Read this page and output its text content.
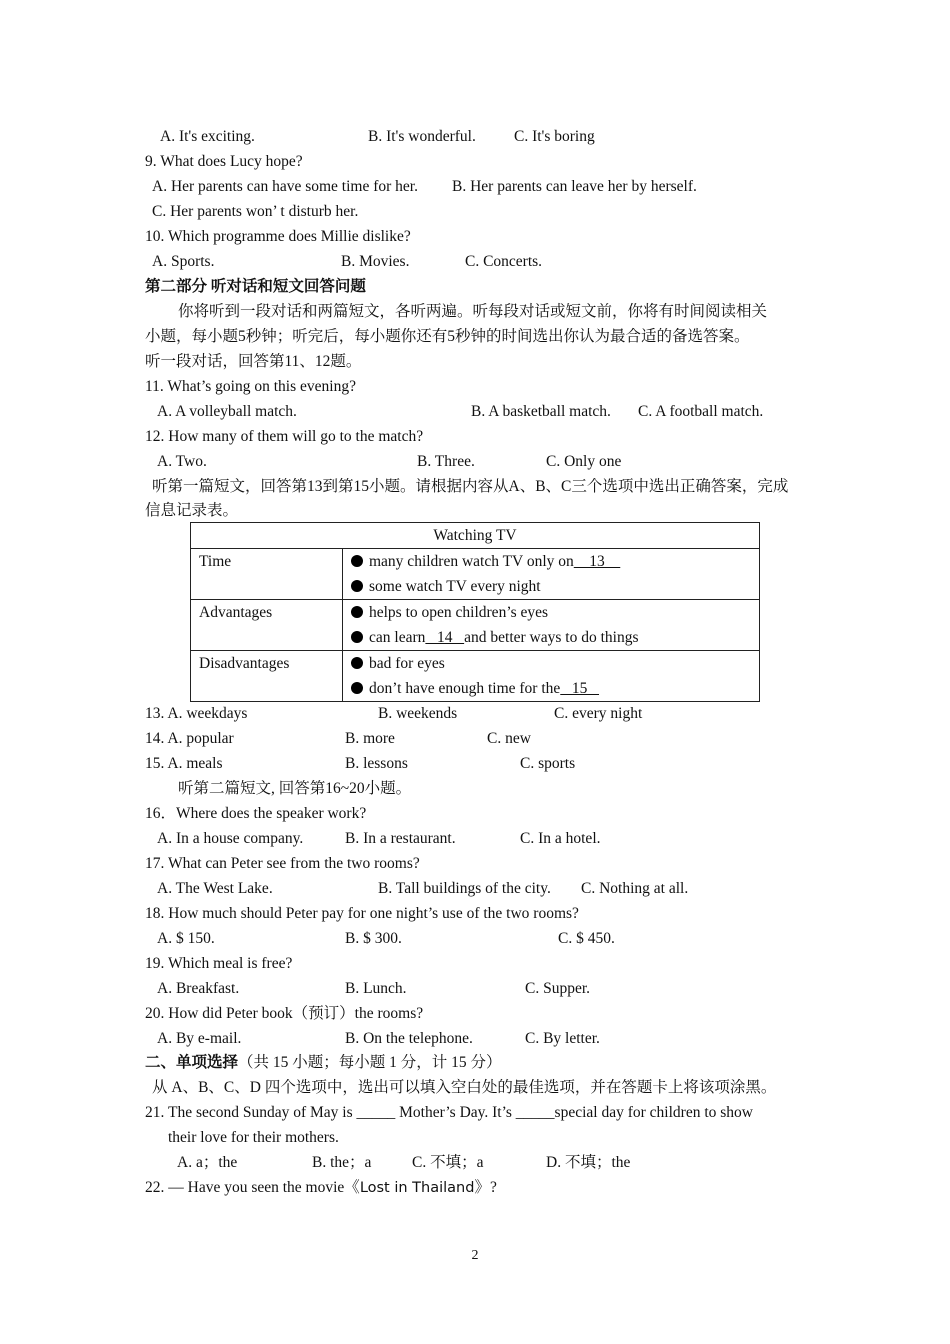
A. It's exciting.	B. It's wonderful. C. It's boring
9. What does Lucy hope?
A. Her parents can have some time for her. B. Her parents can leave her by herself.
C. Her parents won’ t disturb her.
10. Which programme does Millie dislike?
A. Sports.	B. Movies.	C. Concerts.
第二部分 听对话和短文回答问题
你将听到一段对话和两篇短文，各听两遍。听每段对话或短文前，你将有时间阅读相关
小题，每小题5秒钟；听完后，每小题你还有5秒钟的时间选出你认为最合适的备选答案。
听一段对话，回答第11、12题。
11. What’s going on this evening?
A. A volleyball match.	B. A basketball match. C. A football match.
12. How many of them will go to the match?
A. Two.	B. Three.	C. Only one
听第一篇短文，回答第13到第15小题。请根据内容从A、B、C三个选项中选出正确答案，完成
信息记录表。
Watching TV	
Time	many children watch TV only on    13
some watch TV every night

Advantages	helps to open children’s eyes
can learn   14   and better ways to do things

Disadvantages	bad for eyes
don’t have enough time for the   15
13. A. weekdays	B. weekends	C. every night
14. A. popular	B. more	C. new
15. A. meals	B. lessons	C. sports
听第二篇短文, 回答第16~20小题。
16．Where does the speaker work?
A. In a house company.	B. In a restaurant.	C. In a hotel.
17. What can Peter see from the two rooms?
A. The West Lake.	B. Tall buildings of the city. C. Nothing at all.
18. How much should Peter pay for one night’s use of the two rooms?
A. $ 150.	B. $ 300.	C. $ 450.
19. Which meal is free?
A. Breakfast.	B. Lunch.	C. Supper.
20. How did Peter book（预订）the rooms?
A. By e-mail.	B. On the telephone.	C. By letter.
二、单项选择（共 15 小题；每小题 1 分，计 15 分）
从 A、B、C、D 四个选项中，选出可以填入空白处的最佳选项，并在答题卡上将该项涂黑。
21. The second Sunday of May is _____ Mother’s Day. It’s _____special day for children to show
their love for their mothers.
A. a；the	B. the；a	C. 不填；a	D. 不填；the
22. — Have you seen the movie《Lost in Thailand》?
2
